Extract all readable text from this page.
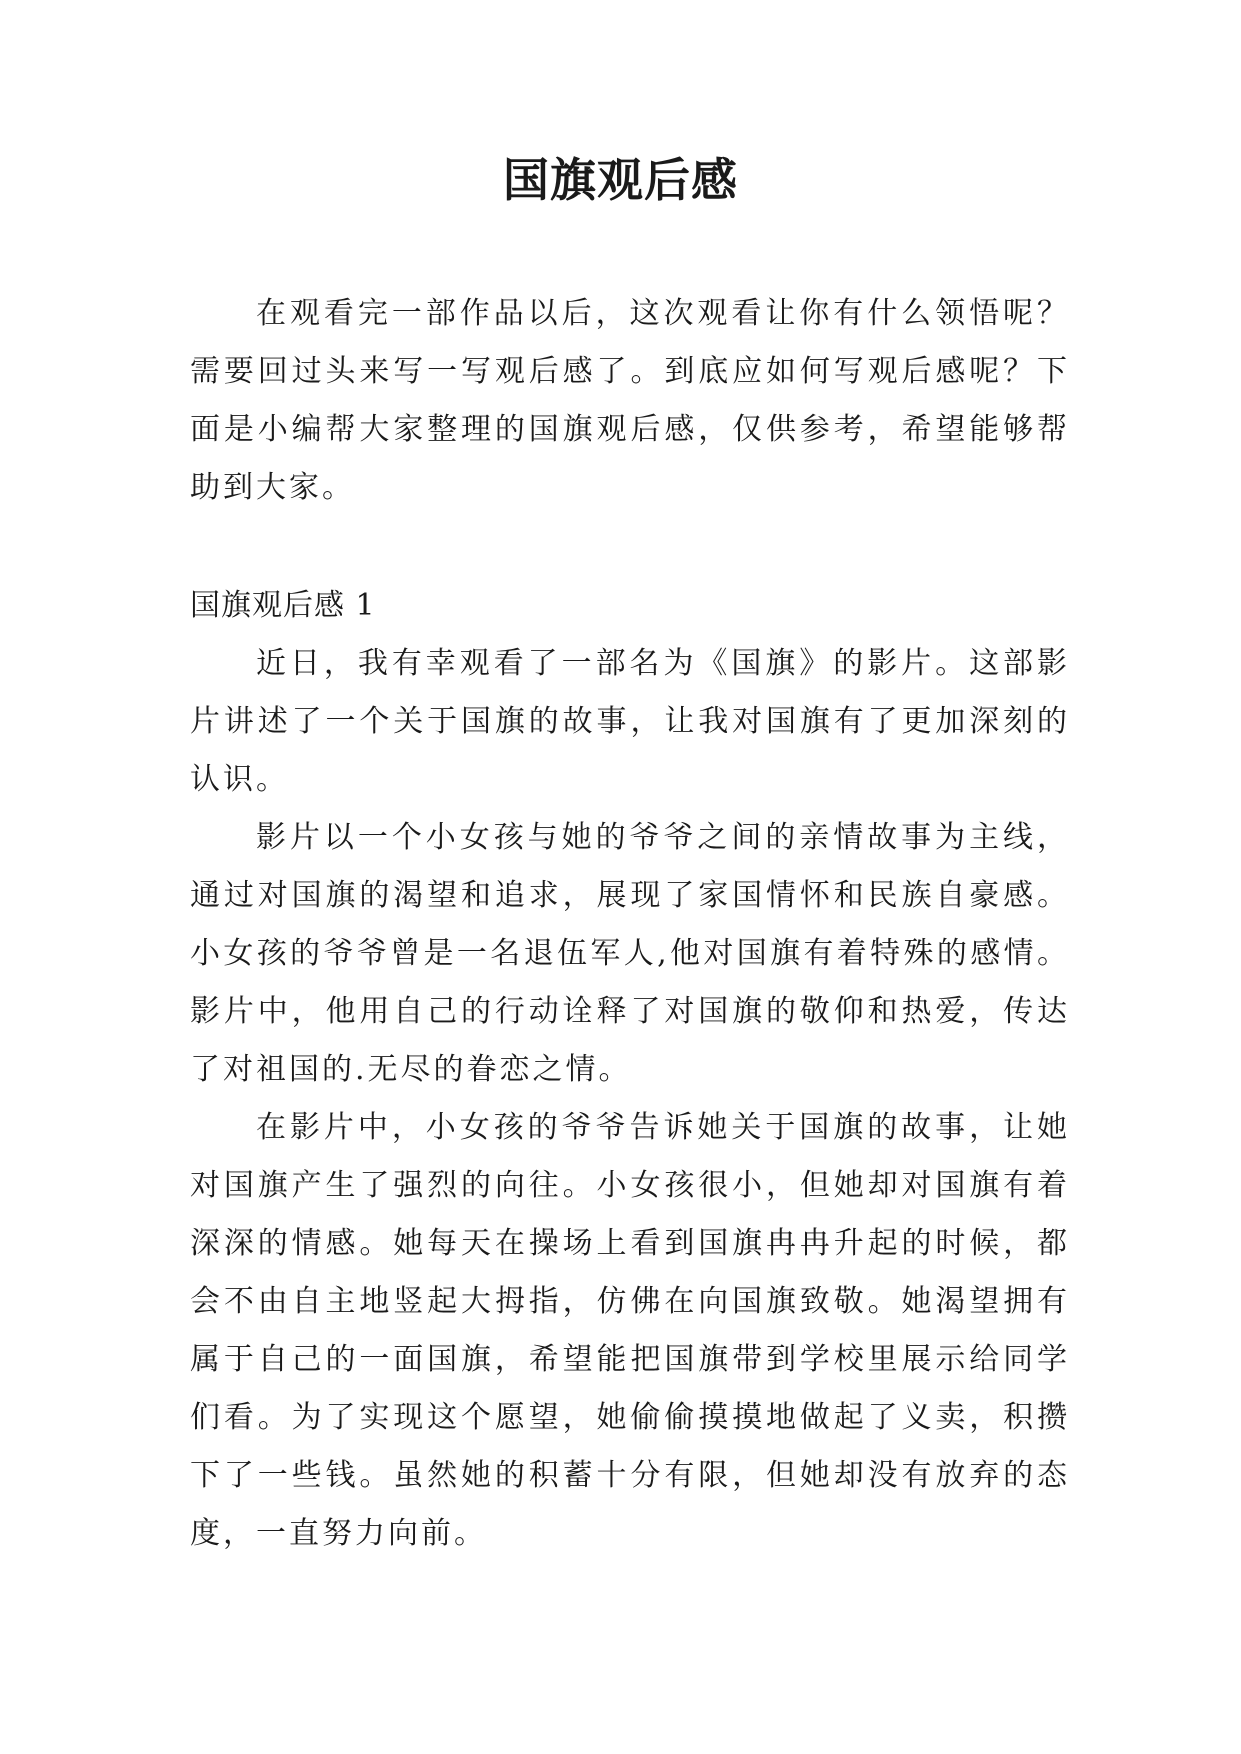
国旗观后感

在观看完一部作品以后，这次观看让你有什么领悟呢？需要回过头来写一写观后感了。到底应如何写观后感呢？下面是小编帮大家整理的国旗观后感，仅供参考，希望能够帮助到大家。

国旗观后感 1

近日，我有幸观看了一部名为《国旗》的影片。这部影片讲述了一个关于国旗的故事，让我对国旗有了更加深刻的认识。

影片以一个小女孩与她的爷爷之间的亲情故事为主线，通过对国旗的渴望和追求，展现了家国情怀和民族自豪感。小女孩的爷爷曾是一名退伍军人,他对国旗有着特殊的感情。影片中，他用自己的行动诠释了对国旗的敬仰和热爱，传达了对祖国的.无尽的眷恋之情。

在影片中，小女孩的爷爷告诉她关于国旗的故事，让她对国旗产生了强烈的向往。小女孩很小，但她却对国旗有着深深的情感。她每天在操场上看到国旗冉冉升起的时候，都会不由自主地竖起大拇指，仿佛在向国旗致敬。她渴望拥有属于自己的一面国旗，希望能把国旗带到学校里展示给同学们看。为了实现这个愿望，她偷偷摸摸地做起了义卖，积攒下了一些钱。虽然她的积蓄十分有限，但她却没有放弃的态度，一直努力向前。
